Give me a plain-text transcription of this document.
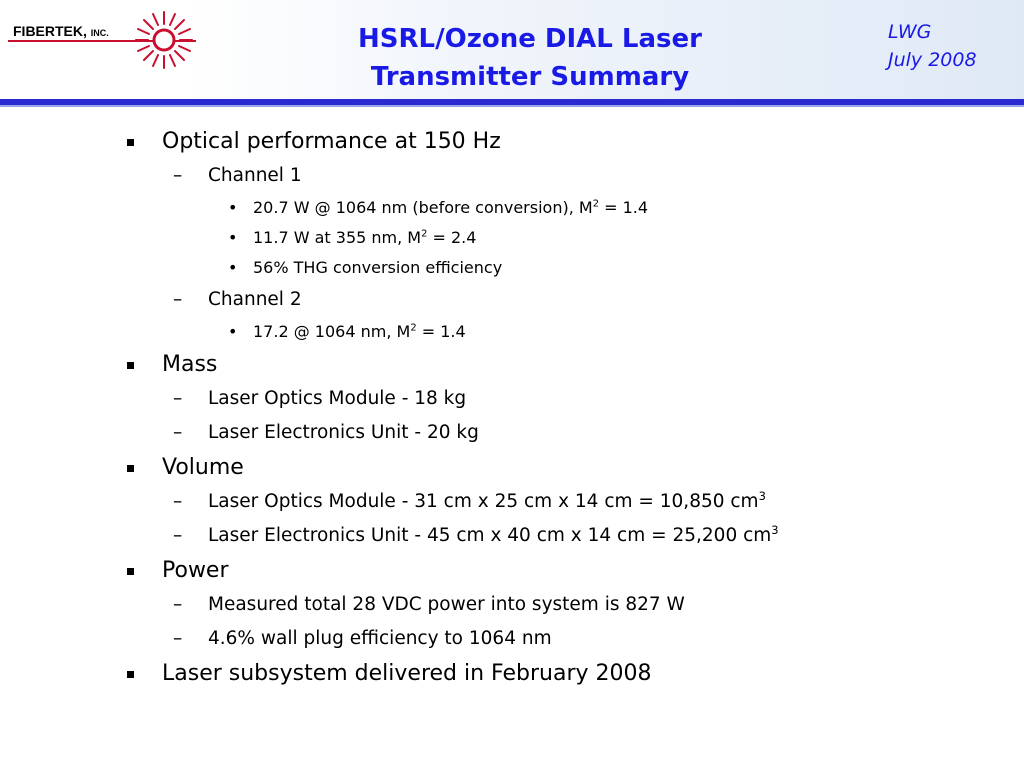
FIBERTEK, INC.	HSRL/Ozone DIAL Laser
Transmitter Summary
LWG
July 2008
Optical performance at 150 Hz
– Channel 1
• 20.7 W @ 1064 nm (before conversion), $M^2 = 1.4$
• 11.7 W at 355 nm, $M^2 = 2.4$
• 56% THG conversion efficiency
– Channel 2
• 17.2 @ 1064 nm, $M^2 = 1.4$
Mass
– Laser Optics Module - 18 kg
– Laser Electronics Unit - 20 kg
Volume
– Laser Optics Module - 31 cm x 25 cm x 14 cm = 10,850 $cm^3$
– Laser Electronics Unit - 45 cm x 40 cm x 14 cm = 25,200 $cm^3$
Power
– Measured total 28 VDC power into system is 827 W
– 4.6% wall plug efficiency to 1064 nm
Laser subsystem delivered in February 2008
